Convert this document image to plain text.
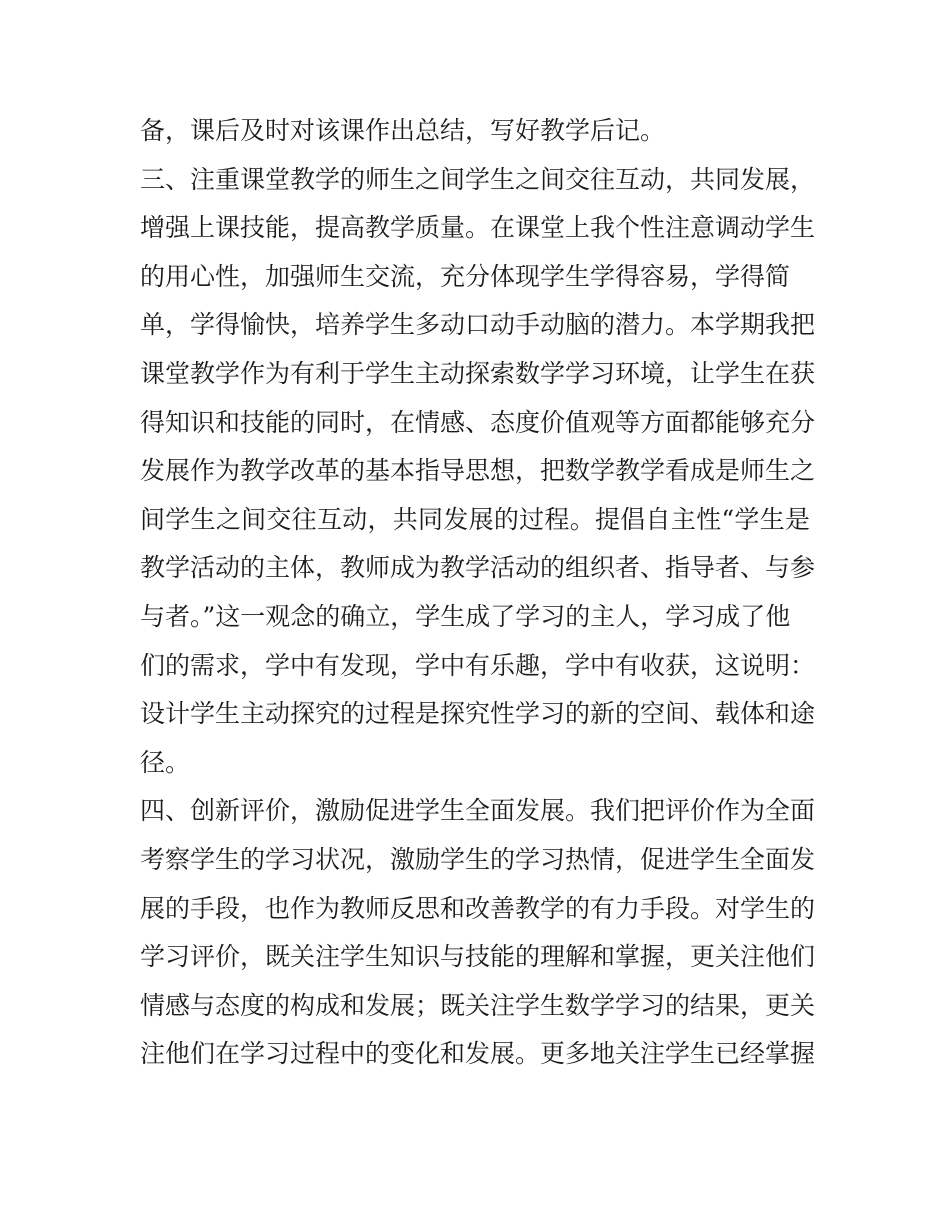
备，课后及时对该课作出总结，写好教学后记。
三、注重课堂教学的师生之间学生之间交往互动，共同发展，
增强上课技能，提高教学质量。在课堂上我个性注意调动学生
的用心性，加强师生交流，充分体现学生学得容易，学得简
单，学得愉快，培养学生多动口动手动脑的潜力。本学期我把
课堂教学作为有利于学生主动探索数学学习环境，让学生在获
得知识和技能的同时，在情感、态度价值观等方面都能够充分
发展作为教学改革的基本指导思想，把数学教学看成是师生之
间学生之间交往互动，共同发展的过程。提倡自主性“学生是
教学活动的主体，教师成为教学活动的组织者、指导者、与参
与者。”这一观念的确立，学生成了学习的主人，学习成了他
们的需求，学中有发现，学中有乐趣，学中有收获，这说明：
设计学生主动探究的过程是探究性学习的新的空间、载体和途
径。
四、创新评价，激励促进学生全面发展。我们把评价作为全面
考察学生的学习状况，激励学生的学习热情，促进学生全面发
展的手段，也作为教师反思和改善教学的有力手段。对学生的
学习评价，既关注学生知识与技能的理解和掌握，更关注他们
情感与态度的构成和发展；既关注学生数学学习的结果，更关
注他们在学习过程中的变化和发展。更多地关注学生已经掌握
